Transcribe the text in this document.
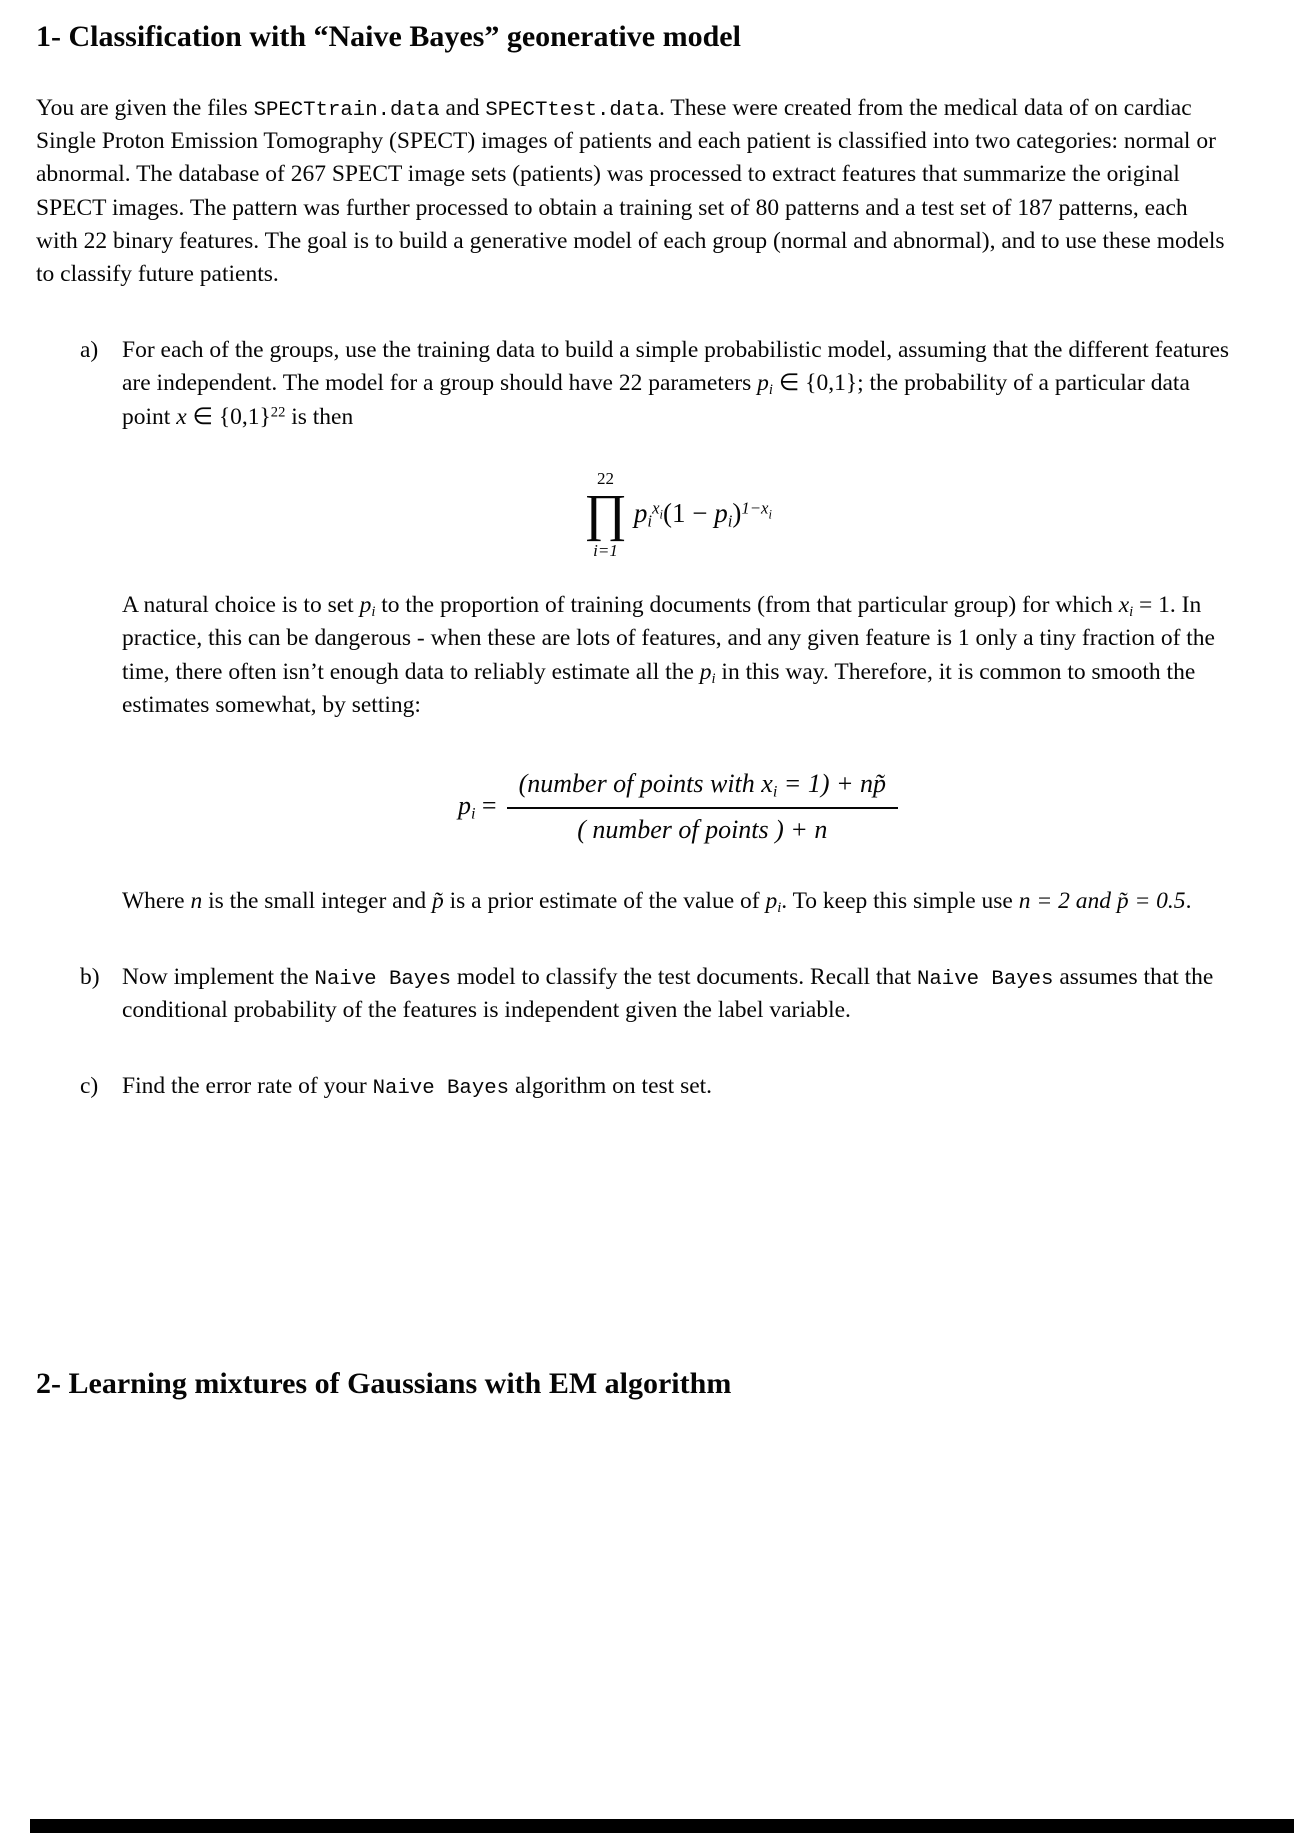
1- Classification with “Naive Bayes” geonerative model

You are given the files SPECTtrain.data and SPECTtest.data. These were created from the medical data of on cardiac Single Proton Emission Tomography (SPECT) images of patients and each patient is classified into two categories: normal or abnormal. The database of 267 SPECT image sets (patients) was processed to extract features that summarize the original SPECT images. The pattern was further processed to obtain a training set of 80 patterns and a test set of 187 patterns, each with 22 binary features. The goal is to build a generative model of each group (normal and abnormal), and to use these models to classify future patients.

a)	For each of the groups, use the training data to build a simple probabilistic model, assuming that the different features are independent. The model for a group should have 22 parameters $p_i$ ∈ {0,1}; the probability of a particular data point x ∈ $\{0,1\}^{22}$ is then

22
∏
i=1
$p_i^xi(1 - p_i)^{1-x}i$

A natural choice is to set $p_i$ to the proportion of training documents (from that particular group) for which $x_i = 1$. In practice, this can be dangerous - when these are lots of features, and any given feature is 1 only a tiny fraction of the time, there often isn’t enough data to reliably estimate all the $p_i$ in this way. Therefore, it is common to smooth the estimates somewhat, by setting:

$p_i = \frac{(number of points with x_i = 1) + np̃}{\text{( number of points ) + n}}$

Where n is the small integer and p̃ is a prior estimate of the value of $p_i$. To keep this simple use n = 2 and p̃ = 0.5.

b) Now implement the Naive Bayes model to classify the test documents. Recall that Naive Bayes assumes that the conditional probability of the features is independent given the label variable.

c)	Find the error rate of your Naive Bayes algorithm on test set.

2- Learning mixtures of Gaussians with EM algorithm
